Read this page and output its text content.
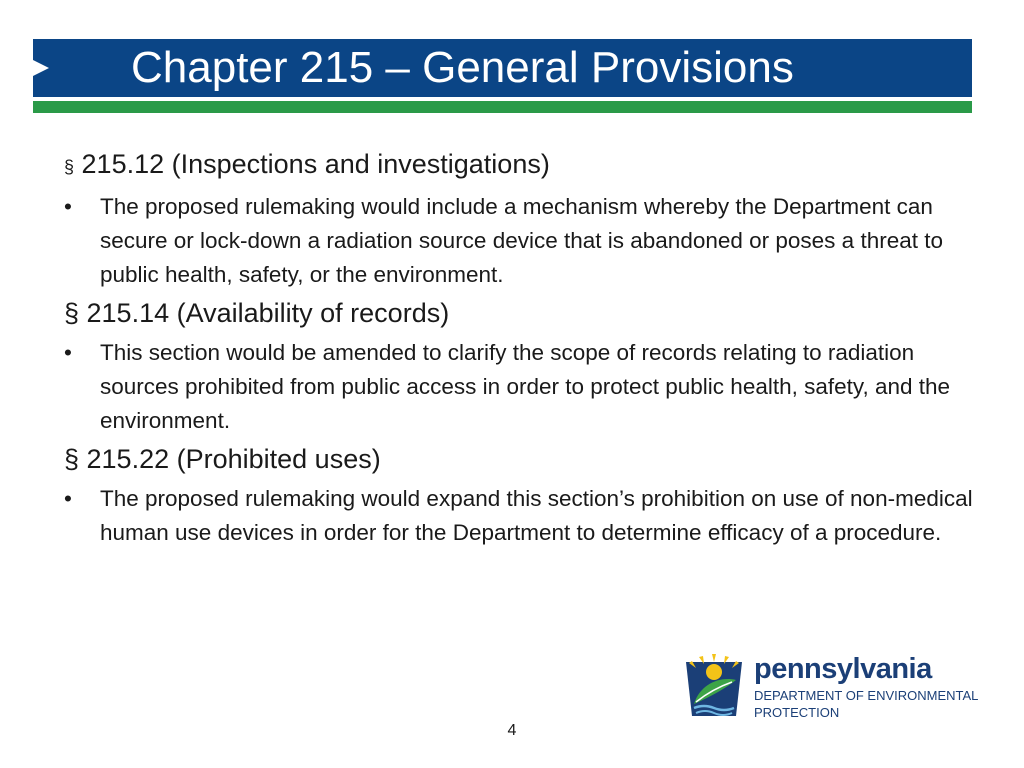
Chapter 215 – General Provisions
§ 215.12 (Inspections and investigations)
• The proposed rulemaking would include a mechanism whereby the Department can secure or lock-down a radiation source device that is abandoned or poses a threat to public health, safety, or the environment.
§ 215.14 (Availability of records)
• This section would be amended to clarify the scope of records relating to radiation sources prohibited from public access in order to protect public health, safety, and the environment.
§ 215.22 (Prohibited uses)
• The proposed rulemaking would expand this section’s prohibition on use of non-medical human use devices in order for the Department to determine efficacy of a procedure.
pennsylvania
DEPARTMENT OF ENVIRONMENTAL
PROTECTION
4
